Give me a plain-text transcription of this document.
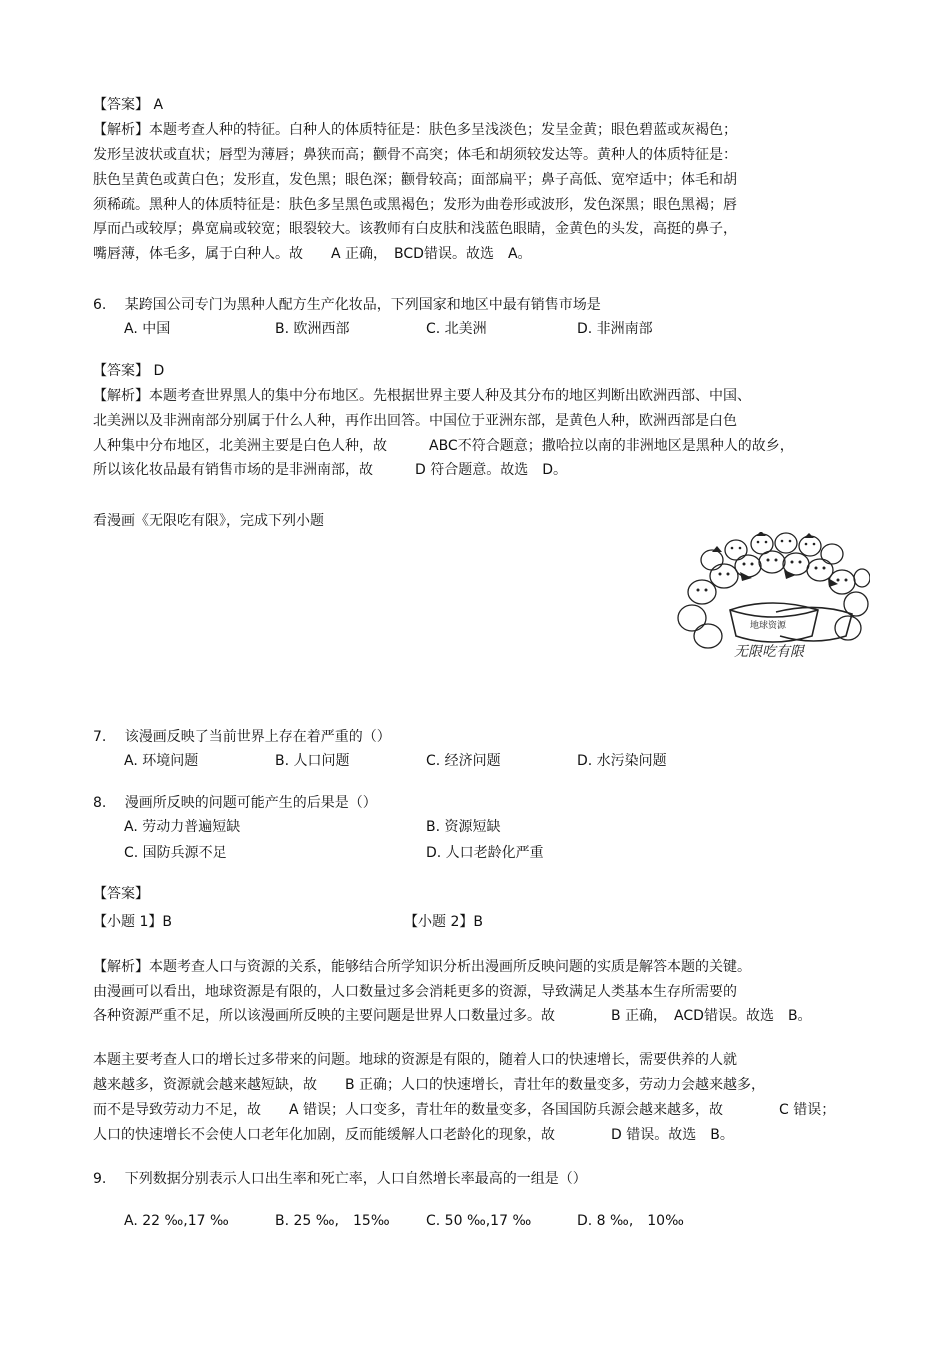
【答案】 A
【解析】本题考查人种的特征。白种人的体质特征是：肤色多呈浅淡色；发呈金黄；眼色碧蓝或灰褐色；
发形呈波状或直状；唇型为薄唇；鼻狭而高；颧骨不高突；体毛和胡须较发达等。黄种人的体质特征是：
肤色呈黄色或黄白色；发形直，发色黑；眼色深；颧骨较高；面部扁平；鼻子高低、宽窄适中；体毛和胡
须稀疏。黑种人的体质特征是：肤色多呈黑色或黑褐色；发形为曲卷形或波形，发色深黑；眼色黑褐；唇
厚而凸或较厚；鼻宽扁或较宽；眼裂较大。该教师有白皮肤和浅蓝色眼睛，金黄色的头发，高挺的鼻子，
嘴唇薄，体毛多，属于白种人。故　　A 正确，　BCD错误。故选　A。
6.　 某跨国公司专门为黑种人配方生产化妆品，下列国家和地区中最有销售市场是
A. 中国	B. 欧洲西部	C. 北美洲	D. 非洲南部
【答案】 D
【解析】本题考查世界黑人的集中分布地区。先根据世界主要人种及其分布的地区判断出欧洲西部、中国、
北美洲以及非洲南部分别属于什么人种，再作出回答。中国位于亚洲东部，是黄色人种，欧洲西部是白色
人种集中分布地区，北美洲主要是白色人种，故　　　ABC不符合题意；撒哈拉以南的非洲地区是黑种人的故乡，
所以该化妆品最有销售市场的是非洲南部，故　　　D 符合题意。故选　D。
看漫画《无限吃有限》，完成下列小题
地球资源
无限吃有限
7.　 该漫画反映了当前世界上存在着严重的（）
A. 环境问题	B. 人口问题	C. 经济问题	D. 水污染问题
8.　 漫画所反映的问题可能产生的后果是（）
A. 劳动力普遍短缺	B. 资源短缺
C. 国防兵源不足	D. 人口老龄化严重
【答案】
【小题 1】B	【小题 2】B
【解析】本题考查人口与资源的关系，能够结合所学知识分析出漫画所反映问题的实质是解答本题的关键。
由漫画可以看出，地球资源是有限的，人口数量过多会消耗更多的资源，导致满足人类基本生存所需要的
各种资源严重不足，所以该漫画所反映的主要问题是世界人口数量过多。故　　　　B 正确，　ACD错误。故选　B。
本题主要考查人口的增长过多带来的问题。地球的资源是有限的，随着人口的快速增长，需要供养的人就
越来越多，资源就会越来越短缺，故　　B 正确；人口的快速增长，青壮年的数量变多，劳动力会越来越多，
而不是导致劳动力不足，故　　A 错误；人口变多，青壮年的数量变多，各国国防兵源会越来越多，故　　　　C 错误；
人口的快速增长不会使人口老年化加剧，反而能缓解人口老龄化的现象，故　　　　D 错误。故选　B。
9.　 下列数据分别表示人口出生率和死亡率，人口自然增长率最高的一组是（）
A. 22 ‰,17 ‰	B. 25 ‰,　15‰	C. 50 ‰,17 ‰	D. 8 ‰,　10‰
